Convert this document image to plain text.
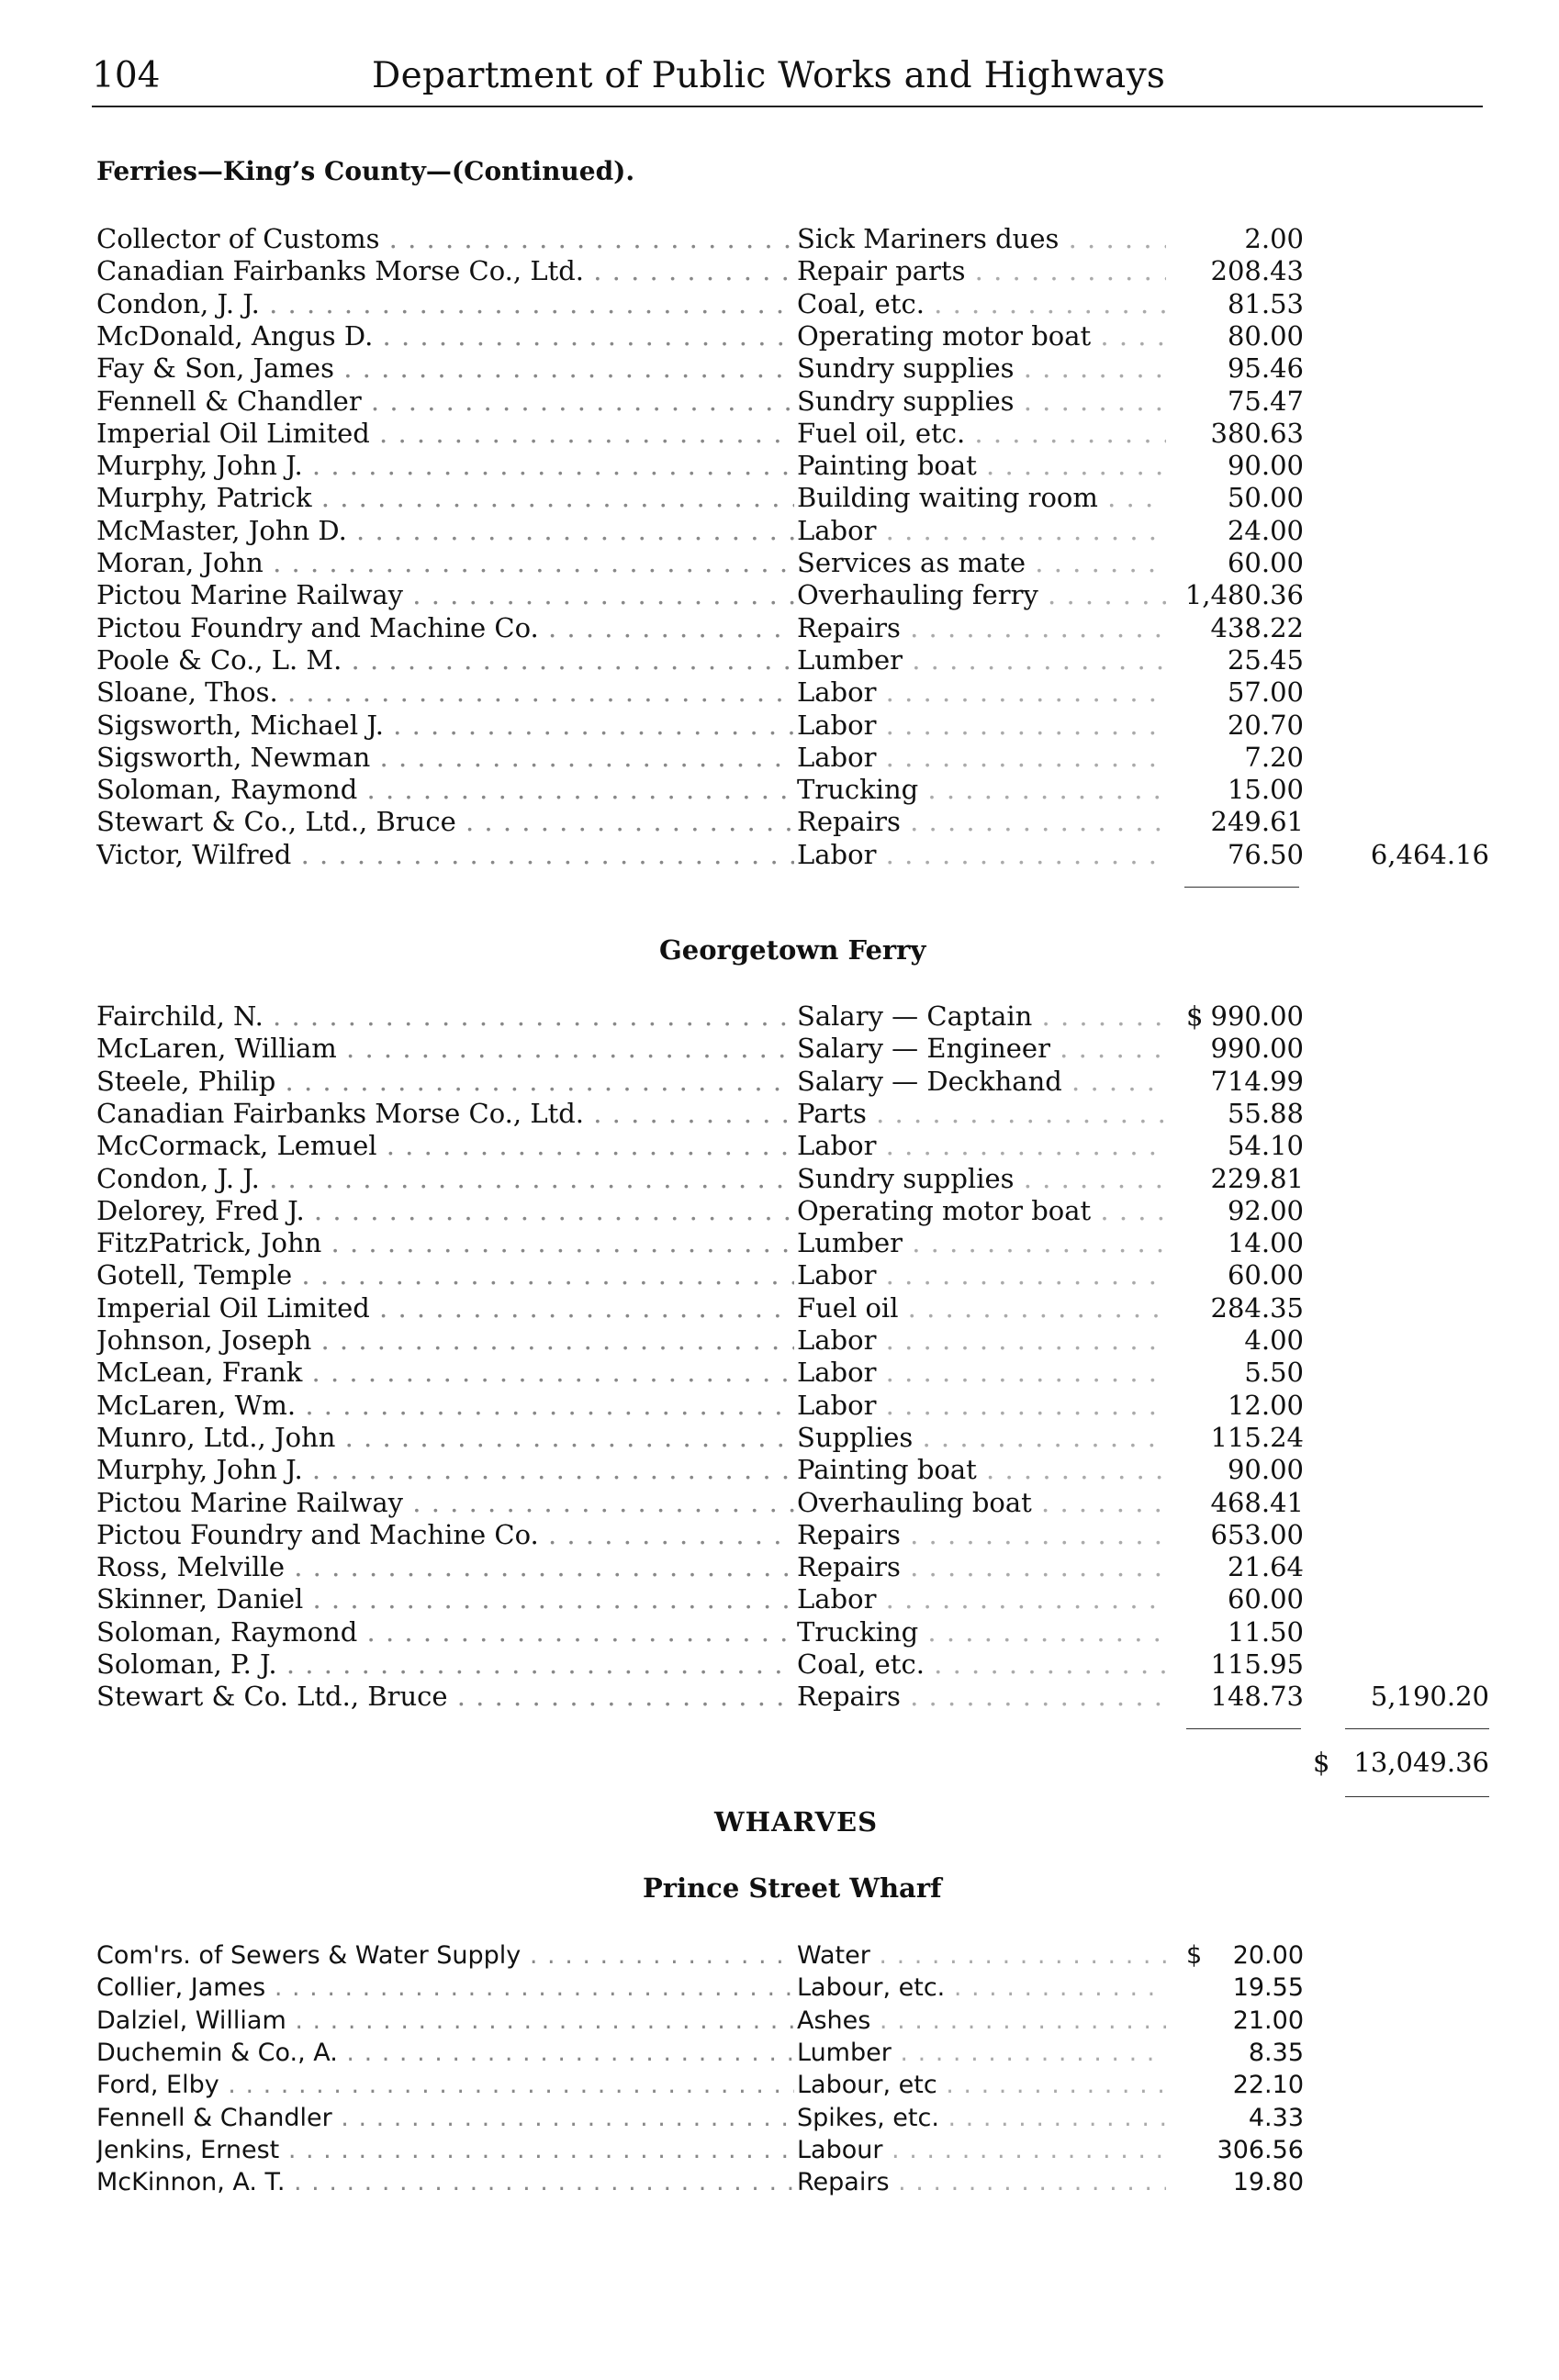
104	Department of Public Works and Highways
Ferries—King’s County—(Continued).
Collector of Customs . . .	Sick Mariners dues . . .	2.00
Canadian Fairbanks Morse Co., Ltd. . . .	Repair parts . . .	208.43
Condon, J. J. . . .	Coal, etc. . . .	81.53
McDonald, Angus D. . . .	Operating motor boat . . .	80.00
Fay & Son, James . . .	Sundry supplies . . .	95.46
Fennell & Chandler . . .	Sundry supplies . . .	75.47
Imperial Oil Limited . . .	Fuel oil, etc. . . .	380.63
Murphy, John J. . . .	Painting boat . . .	90.00
Murphy, Patrick . . .	Building waiting room . . .	50.00
McMaster, John D. . . .	Labor . . .	24.00
Moran, John . . .	Services as mate . . .	60.00
Pictou Marine Railway . . .	Overhauling ferry . . .	1,480.36
Pictou Foundry and Machine Co. . . .	Repairs . . .	438.22
Poole & Co., L. M. . . .	Lumber . . .	25.45
Sloane, Thos. . . .	Labor . . .	57.00
Sigsworth, Michael J. . . .	Labor . . .	20.70
Sigsworth, Newman . . .	Labor . . .	7.20
Soloman, Raymond . . .	Trucking . . .	15.00
Stewart & Co., Ltd., Bruce . . .	Repairs . . .	249.61
Victor, Wilfred . . .	Labor . . .	76.50	6,464.16
Georgetown Ferry
Fairchild, N. . . .	Salary — Captain . . .	$ 990.00
McLaren, William . . .	Salary — Engineer . . .	990.00
Steele, Philip . . .	Salary — Deckhand . . .	714.99
Canadian Fairbanks Morse Co., Ltd. . . .	Parts . . .	55.88
McCormack, Lemuel . . .	Labor . . .	54.10
Condon, J. J. . . .	Sundry supplies . . .	229.81
Delorey, Fred J. . . .	Operating motor boat . . .	92.00
FitzPatrick, John . . .	Lumber . . .	14.00
Gotell, Temple . . .	Labor . . .	60.00
Imperial Oil Limited . . .	Fuel oil . . .	284.35
Johnson, Joseph . . .	Labor . . .	4.00
McLean, Frank . . .	Labor . . .	5.50
McLaren, Wm. . . .	Labor . . .	12.00
Munro, Ltd., John . . .	Supplies . . .	115.24
Murphy, John J. . . .	Painting boat . . .	90.00
Pictou Marine Railway . . .	Overhauling boat . . .	468.41
Pictou Foundry and Machine Co. . . .	Repairs . . .	653.00
Ross, Melville . . .	Repairs . . .	21.64
Skinner, Daniel . . .	Labor . . .	60.00
Soloman, Raymond . . .	Trucking . . .	11.50
Soloman, P. J. . . .	Coal, etc. . . .	115.95
Stewart & Co. Ltd., Bruce . . .	Repairs . . .	148.73	5,190.20
$ 13,049.36
WHARVES
Prince Street Wharf
Com'rs. of Sewers & Water Supply . . .	Water . . .	$	20.00
Collier, James . . .	Labour, etc. . . .	19.55
Dalziel, William . . .	Ashes . . .	21.00
Duchemin & Co., A. . . .	Lumber . . .	8.35
Ford, Elby . . .	Labour, etc . . .	22.10
Fennell & Chandler . . .	Spikes, etc. . . .	4.33
Jenkins, Ernest . . .	Labour . . .	306.56
McKinnon, A. T. . . .	Repairs . . .	19.80
